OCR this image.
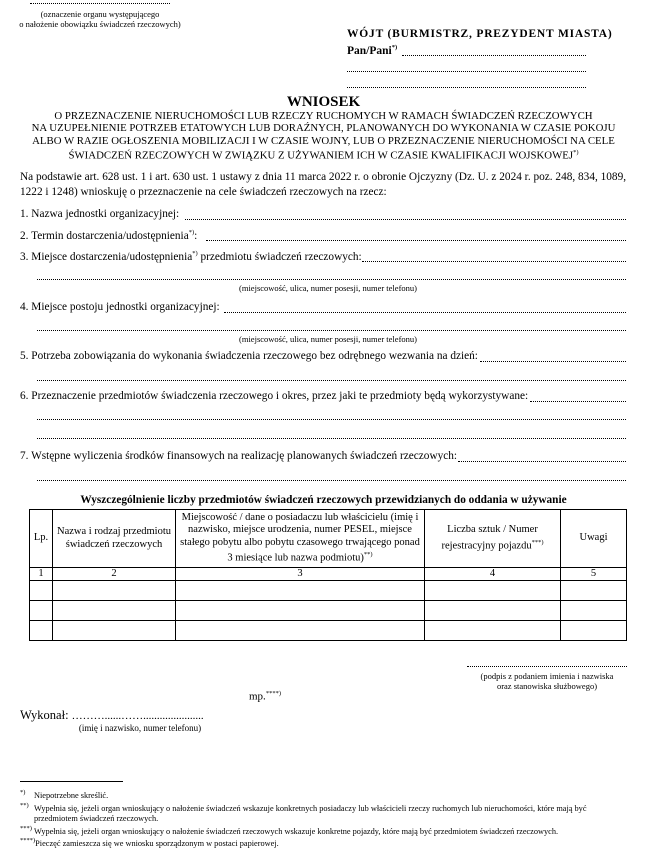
(oznaczenie organu występującego
o nałożenie obowiązku świadczeń rzeczowych)
WÓJT (BURMISTRZ, PREZYDENT MIASTA)
Pan/Pani*)
WNIOSEK
O PRZEZNACZENIE NIERUCHOMOŚCI LUB RZECZY RUCHOMYCH W RAMACH ŚWIADCZEŃ RZECZOWYCH
NA UZUPEŁNIENIE POTRZEB ETATOWYCH LUB DORAŹNYCH, PLANOWANYCH DO WYKONANIA W CZASIE POKOJU
ALBO W RAZIE OGŁOSZENIA MOBILIZACJI I W CZASIE WOJNY, LUB O PRZEZNACZENIE NIERUCHOMOŚCI NA CELE
ŚWIADCZEŃ RZECZOWYCH W ZWIĄZKU Z UŻYWANIEM ICH W CZASIE KWALIFIKACJI WOJSKOWEJ*)
Na podstawie art. 628 ust. 1 i art. 630 ust. 1 ustawy z dnia 11 marca 2022 r. o obronie Ojczyzny (Dz. U. z 2024 r. poz. 248, 834, 1089,
1222 i 1248) wnioskuję o przeznaczenie na cele świadczeń rzeczowych na rzecz:
1. Nazwa jednostki organizacyjnej:
2. Termin dostarczenia/udostępnienia*):
3. Miejsce dostarczenia/udostępnienia*) przedmiotu świadczeń rzeczowych:
(miejscowość, ulica, numer posesji, numer telefonu)
4. Miejsce postoju jednostki organizacyjnej:
(miejscowość, ulica, numer posesji, numer telefonu)
5. Potrzeba zobowiązania do wykonania świadczenia rzeczowego bez odrębnego wezwania na dzień:
6. Przeznaczenie przedmiotów świadczenia rzeczowego i okres, przez jaki te przedmioty będą wykorzystywane:
7. Wstępne wyliczenia środków finansowych na realizację planowanych świadczeń rzeczowych:
Wyszczególnienie liczby przedmiotów świadczeń rzeczowych przewidzianych do oddania w używanie
Lp.	Nazwa i rodzaj przedmiotu świadczeń rzeczowych	Miejscowość / dane o posiadaczu lub właścicielu (imię i nazwisko, miejsce urodzenia, numer PESEL, miejsce stałego pobytu albo pobytu czasowego trwającego ponad 3 miesiące lub nazwa podmiotu)**)	Liczba sztuk / Numer rejestracyjny pojazdu***)	Uwagi
1	2	3	4	5

(podpis z podaniem imienia i nazwiska
oraz stanowiska służbowego)
mp.****)
Wykonał: ………......……......................
(imię i nazwisko, numer telefonu)
*) Niepotrzebne skreślić.
**) Wypełnia się, jeżeli organ wnioskujący o nałożenie świadczeń wskazuje konkretnych posiadaczy lub właścicieli rzeczy ruchomych lub nieruchomości, które mają być
przedmiotem świadczeń rzeczowych.
***) Wypełnia się, jeżeli organ wnioskujący o nałożenie świadczeń rzeczowych wskazuje konkretne pojazdy, które mają być przedmiotem świadczeń rzeczowych.
****)Pieczęć zamieszcza się we wniosku sporządzonym w postaci papierowej.
